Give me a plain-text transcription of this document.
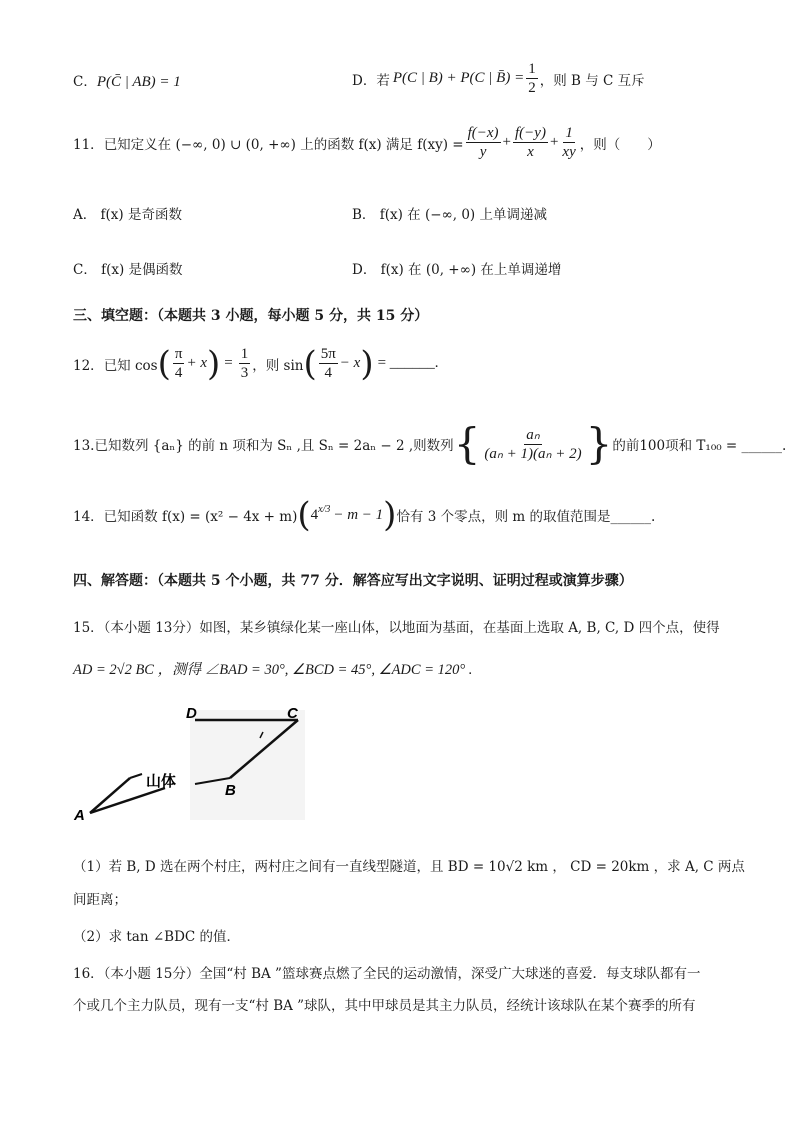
C．P(C̄ | AB) = 1	D．若 P(C | B) + P(C | B̄) = $\frac{1}{2}$ ，则 B 与 C 互斥
11． 已知定义在 (−∞, 0) ∪ (0, +∞) 上的函数 f(x) 满足 $f(xy) = \frac{f(-x)}{y} + \frac{f(-y)}{x} + \frac{1}{xy}$ ，则（　　）
A． f(x) 是奇函数	B． f(x) 在 (−∞, 0) 上单调递减
C． f(x) 是偶函数	D． f(x) 在 (0, +∞) 在上单调递增
三、填空题：（本题共 3 小题，每小题 5 分，共 15 分）
12． 已知 cos ( $\frac{\pi}{4} + x$ ) = $\frac{1}{3}$ ，则 sin ( $\frac{5\pi}{4} - x$ ) = ______.
13.已知数列 {aₙ} 的前 n 项和为 Sₙ ,且 Sₙ = 2aₙ − 2 ,则数列 { $\frac{\text{aₙ}}{\text{(aₙ + 1)(aₙ + 2)}}$ } 的前100项和 T₁₀₀ = ______.
14．已知函数 f(x) = (x² − 4x + m) ( $4^{x/3} - m - 1$ ) 恰有 3 个零点，则 m 的取值范围是______.
四、解答题：（本题共 5 个小题，共 77 分．解答应写出文字说明、证明过程或演算步骤）
15．（本小题 13分）如图，某乡镇绿化某一座山体，以地面为基面，在基面上选取 A, B, C, D 四个点，使得
AD = 2√2 BC ，测得 ∠BAD = 30°, ∠BCD = 45°, ∠ADC = 120° .
D	C
B
A
山体
（1）若 B, D 选在两个村庄，两村庄之间有一直线型隧道，且 BD = 10√2 km ， CD = 20km ，求 A, C 两点
间距离；
（2）求 tan ∠BDC 的值．
16．（本小题 15分）全国“村 BA ”篮球赛点燃了全民的运动激情，深受广大球迷的喜爱．每支球队都有一
个或几个主力队员，现有一支“村 BA ”球队，其中甲球员是其主力队员，经统计该球队在某个赛季的所有
